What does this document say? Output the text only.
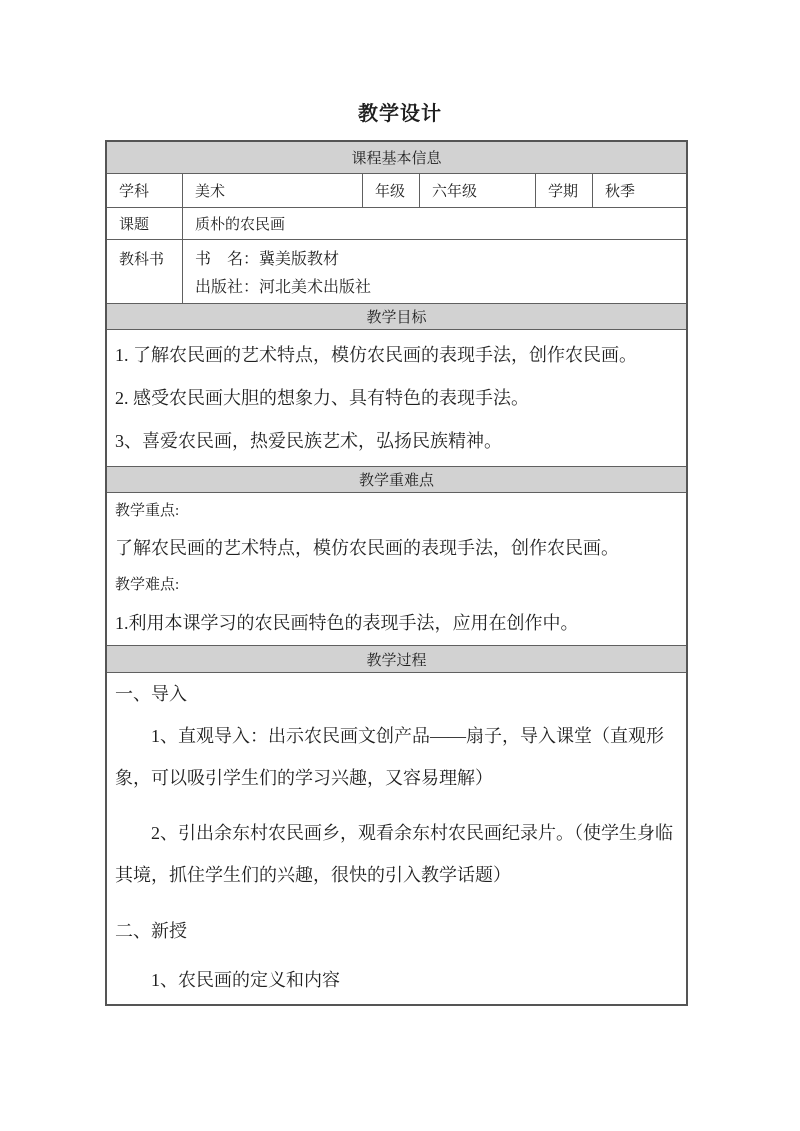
教学设计
课程基本信息
学科	美术	年级	六年级	学期	秋季
课题	质朴的农民画
教科书	书　名：冀美版教材

出版社：河北美术出版社

教学目标

1. 了解农民画的艺术特点，模仿农民画的表现手法，创作农民画。

2. 感受农民画大胆的想象力、具有特色的表现手法。

3、喜爱农民画，热爱民族艺术，弘扬民族精神。

教学重难点

教学重点:

了解农民画的艺术特点，模仿农民画的表现手法，创作农民画。

教学难点:

1.利用本课学习的农民画特色的表现手法，应用在创作中。

教学过程

一、导入

1、直观导入：出示农民画文创产品——扇子，导入课堂（直观形象，可以吸引学生们的学习兴趣，又容易理解）

2、引出余东村农民画乡，观看余东村农民画纪录片。（使学生身临其境，抓住学生们的兴趣，很快的引入教学话题）

二、新授

1、农民画的定义和内容
